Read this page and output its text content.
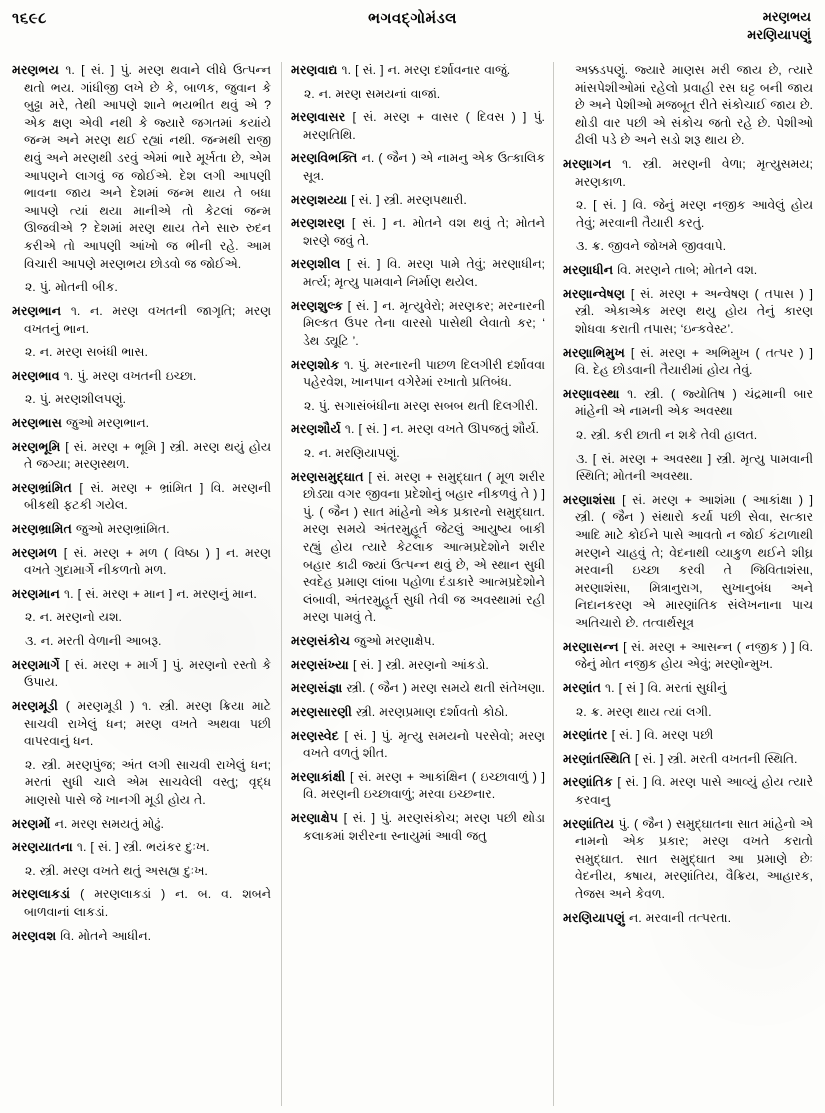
૧૬૯૮	ભગવદ્ગોમંડલ	મરણભય
મરણિયાપણું

મરણભય ૧. [ સં. ] પું. મરણ થવાને લીધે ઉત્પન્ન થતો ભય. ગાંધીજી લખે છે કે, બાળક, જુવાન કે બુઢ્ઢા મરે, તેથી આપણે શાને ભયભીત થવું એ ? એક ક્ષણ એવી નથી કે જ્યારે જગતમાં કયાંયે જન્મ અને મરણ થઈ રહ્યાં નથી. જન્મથી રાજી થવું અને મરણથી ડરવું એમાં ભારે મૂર્ખતા છે, એમ આપણને લાગવું જ જોઈએ. દેશ લગી આપણી ભાવના જાય અને દેશમાં જન્મ થાય તે બધા આપણે ત્યાં થયા માનીએ તો કેટલાં જન્મ ઊજવીએ ? દેશમાં મરણ થાય તેને સારુ રુદન કરીએ તો આપણી આંખો જ ભીની રહે. આમ વિચારી આપણે મરણભય છોડવો જ જોઈએ.

૨. પું. મોતની બીક.

મરણભાન ૧. ન. મરણ વખતની જાગૃતિ; મરણ વખતનું ભાન.

૨. ન. મરણ સબંધી ભાસ.

મરણભાવ ૧. પું. મરણ વખતની ઇચ્છા.

૨. પું. મરણશીલપણું.

મરણભાસ જુઓ મરણભાન.

મરણભૂમિ [ સં. મરણ + ભૂમિ ] સ્ત્રી. મરણ થયું હોય તે જગ્યા; મરણસ્થળ.

મરણભ્રાંમિત [ સં. મરણ + ભ્રાંમિત ] વિ. મરણની બીકથી ફટકી ગયેલ.

મરણભ્રામિત જુઓ મરણભ્રાંમિત.

મરણમળ [ સં. મરણ + મળ ( વિષ્ઠા ) ] ન. મરણ વખતે ગુદામાર્ગે નીકળતો મળ.

મરણમાન ૧. [ સં. મરણ + માન ] ન. મરણનું માન.

૨. ન. મરણનો યશ.

૩. ન. મરતી વેળાની આબરૂ.

મરણમાર્ગે [ સં. મરણ + માર્ગ ] પું. મરણનો રસ્તો કે ઉપાય.

મરણમૂડી ( મરણમૂડી ) ૧. સ્ત્રી. મરણ ક્રિયા માટે સાચવી રાખેલું ધન; મરણ વખતે અથવા પછી વાપરવાનું ધન.

૨. સ્ત્રી. મરણપુંજ; અંત લગી સાચવી રાખેલું ધન; મરતાં સુધી ચાલે એમ સાચવેલી વસ્તુ; વૃદ્ધ માણસો પાસે જે ખાનગી મૂડી હોય તે.

મરણમોં ન. મરણ સમયતું મોઢું.

મરણયાતના ૧. [ સં. ] સ્ત્રી. ભયંકર દુઃખ.

૨. સ્ત્રી. મરણ વખતે થતું અસહ્ય દુઃખ.

મરણલાકડાં ( મરણલાકડાં ) ન. બ. વ. શબને બાળવાનાં લાકડાં.

મરણવશ વિ. મોતને આધીન.

મરણવાદ્ય ૧. [ સં. ] ન. મરણ દર્શાવનાર વાજું.

૨. ન. મરણ સમયનાં વાજાં.

મરણવાસર [ સં. મરણ + વાસર ( દિવસ ) ] પું. મરણતિથિ.

મરણવિભક્તિ ન. ( જૈન ) એ નામનુ એક ઉત્કાલિક સૂત્ર.

મરણશય્યા [ સં. ] સ્ત્રી. મરણપથારી.

મરણશરણ [ સં. ] ન. મોતને વશ થવું તે; મોતને શરણે જવું તે.

મરણશીલ [ સં. ] વિ. મરણ પામે તેવું; મરણાધીન; મર્ત્ય; મૃત્યુ પામવાને નિર્માણ થયેલ.

મરણશુલ્ક [ સં. ] ન. મૃત્યુવેરો; મરણકર; મરનારની મિલ્કત ઉપર તેના વારસો પાસેથી લેવાતો કર; ‘ ડેથ ડ્યૂટિ ’.

મરણશોક ૧. પું. મરનારની પાછળ દિલગીરી દર્શાવવા પહેરવેશ, ખાનપાન વગેરેમાં રખાતો પ્રતિબંધ.

૨. પું. સગાસંબંધીના મરણ સબબ થતી દિલગીરી.

મરણશૌર્ય ૧. [ સં. ] ન. મરણ વખતે ઊપજતું શૌર્ય.

૨. ન. મરણિયાપણું.

મરણસમુદ્ઘાત [ સં. મરણ + સમુદ્ઘાત ( મૂળ શરીર છોડ્યા વગર જીવના પ્રદેશોનું બહાર નીકળવું તે ) ] પું. ( જૈન ) સાત માંહેનો એક પ્રકારનો સમુદ્ઘાત. મરણ સમયે અંતરમુહૂર્ત જેટલું આયુષ્ય બાકી રહ્યું હોય ત્યારે કેટલાક આત્મપ્રદેશોને શરીર બહાર કાઢી જ્યાં ઉત્પન્ન થવું છે, એ સ્થાન સુધી સ્વદેહ પ્રમાણ લાંબા પહોળા દંડાકારે આત્મપ્રદેશોને લંબાવી, અંતરમુહૂર્ત સુધી તેવી જ અવસ્થામાં રહી મરણ પામવું તે.

મરણસંકોચ જુઓ મરણાક્ષેપ.

મરણસંખ્યા [ સં. ] સ્ત્રી. મરણનો આંકડો.

મરણસંજ્ઞા સ્ત્રી. ( જૈન ) મરણ સમયે થતી સંતેખણા.

મરણસારણી સ્ત્રી. મરણપ્રમાણ દર્શાવતો કોઠો.

મરણસ્વેદ [ સં. ] પું. મૃત્યુ સમયનો પરસેવો; મરણ વખતે વળતું શીત.

મરણાકાંક્ષી [ સં. મરણ + આકાંક્ષિન ( ઇચ્છાવાળું ) ] વિ. મરણની ઇચ્છાવાળું; મરવા ઇચ્છનાર.

મરણાક્ષેપ [ સં. ] પું. મરણસંકોચ; મરણ પછી થોડા કલાકમાં શરીરના સ્નાયુમાં આવી જતુ

અક્કડપણું. જ્યારે માણસ મરી જાય છે, ત્યારે માંસપેશીઓમાં રહેલો પ્રવાહી રસ ઘટ્ટ બની જાય છે અને પેશીઓ મજબૂત રીતે સંકોચાઈ જાય છે. થોડી વાર પછી એ સંકોચ જતો રહે છે. પેશીઓ ઢીલી પડે છે અને સડો શરૂ થાય છે.

મરણાગન ૧. સ્ત્રી. મરણની વેળા; મૃત્યુસમય; મરણકાળ.

૨. [ સં. ] વિ. જેનું મરણ નજીક આવેલું હોય તેવું; મરવાની તૈયારી કરતું.

૩. ક્ર. જીવને જોખમે જીવવાપે.

મરણાધીન વિ. મરણને તાબે; મોતને વશ.

મરણાન્વેષણ [ સં. મરણ + અન્વેષણ ( તપાસ ) ] સ્ત્રી. એકાએક મરણ થયુ હોય તેનું કારણ શોધવા કરાતી તપાસ; ‘ઇન્કવેસ્ટ’.

મરણાભિમુખ [ સં. મરણ + અભિમુખ ( તત્પર ) ] વિ. દેહ છોડવાની તૈયારીમાં હોય તેવું.

મરણાવસ્થા ૧. સ્ત્રી. ( જ્યોતિષ ) ચંદ્રમાની બાર માંહેની એ નામની એક અવસ્થા

૨. સ્ત્રી. કરી છાતી ન શકે તેવી હાલત.

૩. [ સં. મરણ + અવસ્થા ] સ્ત્રી. મૃત્યુ પામવાની સ્થિતિ; મોતની અવસ્થા.

મરણાશંસા [ સં. મરણ + આશંમા ( આકાંક્ષા ) ] સ્ત્રી. ( જૈન ) સંથારો કર્યા પછી સેવા, સત્કાર આદિ માટે કોઈને પાસે આવતો ન જોઈ કંટાળાથી મરણને ચાહવું તે; વેદનાથી વ્યાકુળ થઈને શીઘ્ર મરવાની ઇચ્છા કરવી તે જિવિતાશંસા, મરણાશંસા, મિત્રાનુરાગ, સુખાનુબંધ અને નિદાનકરણ એ મારણાંતિક સંલેખનાના પાચ અતિચારો છે. તત્વાર્થસૂત્ર

મરણાસન્ન [ સં. મરણ + આસન્ન ( નજીક ) ] વિ. જેનું મોત નજીક હોય એવું; મરણોન્મુખ.

મરણાંત ૧. [ સં ] વિ. મરતાં સુધીનું

૨. ક્ર. મરણ થાય ત્યાં લગી.

મરણાંતર [ સં. ] વિ. મરણ પછી

મરણાંતસ્થિતિ [ સં. ] સ્ત્રી. મરતી વખતની સ્થિતિ.

મરણાંતિક [ સં. ] વિ. મરણ પાસે આવ્યું હોય ત્યારે કરવાનુ

મરણાંતિય પું. ( જૈન ) સમુદ્ઘાતના સાત માંહેનો એ નામનો એક પ્રકાર; મરણ વખતે કરાતો સમુદ્ઘાત. સાત સમુદ્ઘાત આ પ્રમાણે છેઃ વેદનીય, કષાય, મરણાંતિય, વૈક્રિય, આહારક, તેજસ અને કેવળ.

મરણિયાપણું ન. મરવાની તત્પરતા.
